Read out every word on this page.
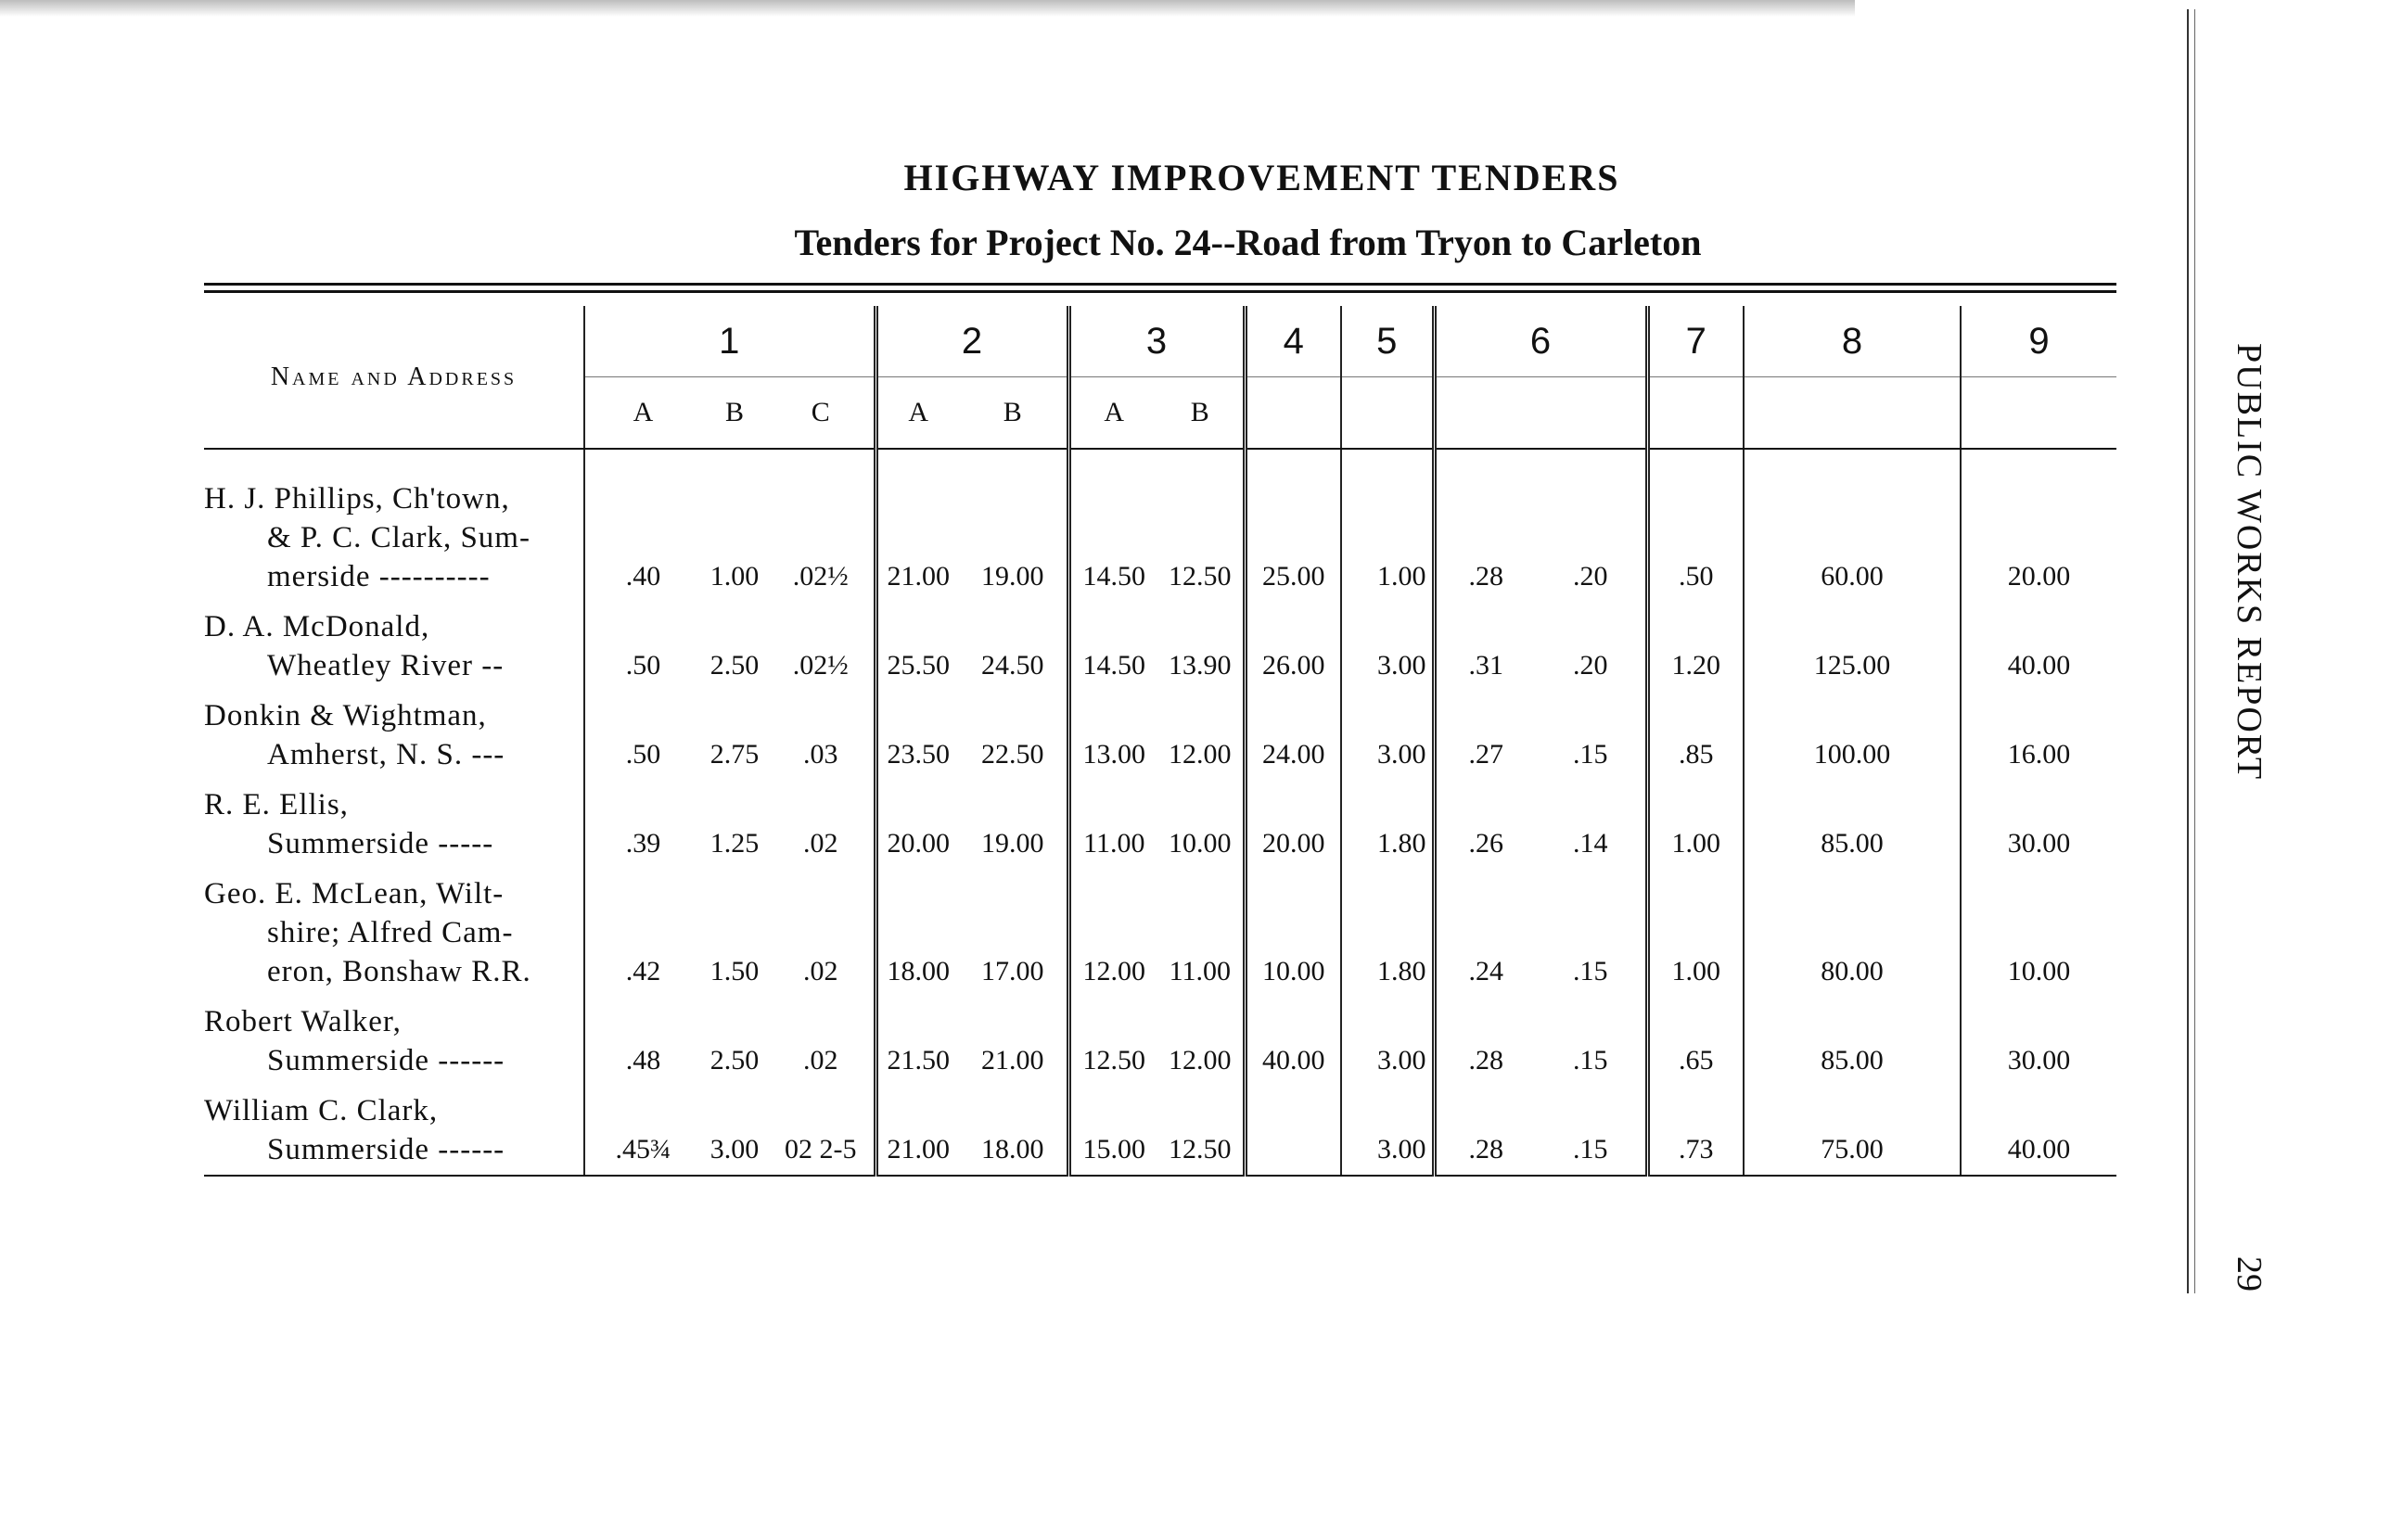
HIGHWAY IMPROVEMENT TENDERS
Tenders for Project No. 24--Road from Tryon to Carleton
Name and Address	1			2		3		4	5	6		7	8	9
	A	B	C	A	B	A	B							

H. J. Phillips, Ch'town,
& P. C. Clark, Sum-
merside ----------	.40	1.00	.02½	21.00	19.00	14.50	12.50	25.00	1.00	.28	.20	.50	60.00	20.00

D. A. McDonald,
Wheatley River --	.50	2.50	.02½	25.50	24.50	14.50	13.90	26.00	3.00	.31	.20	1.20	125.00	40.00

Donkin & Wightman,
Amherst, N. S. ---	.50	2.75	.03	23.50	22.50	13.00	12.00	24.00	3.00	.27	.15	.85	100.00	16.00

R. E. Ellis,
Summerside -----	.39	1.25	.02	20.00	19.00	11.00	10.00	20.00	1.80	.26	.14	1.00	85.00	30.00

Geo. E. McLean, Wilt-
shire; Alfred Cam-
eron, Bonshaw R.R.	.42	1.50	.02	18.00	17.00	12.00	11.00	10.00	1.80	.24	.15	1.00	80.00	10.00

Robert Walker,
Summerside ------	.48	2.50	.02	21.50	21.00	12.50	12.00	40.00	3.00	.28	.15	.65	85.00	30.00

William C. Clark,
Summerside ------	.45¾	3.00	02 2-5	21.00	18.00	15.00	12.50		3.00	.28	.15	.73	75.00	40.00
PUBLIC WORKS REPORT
29
